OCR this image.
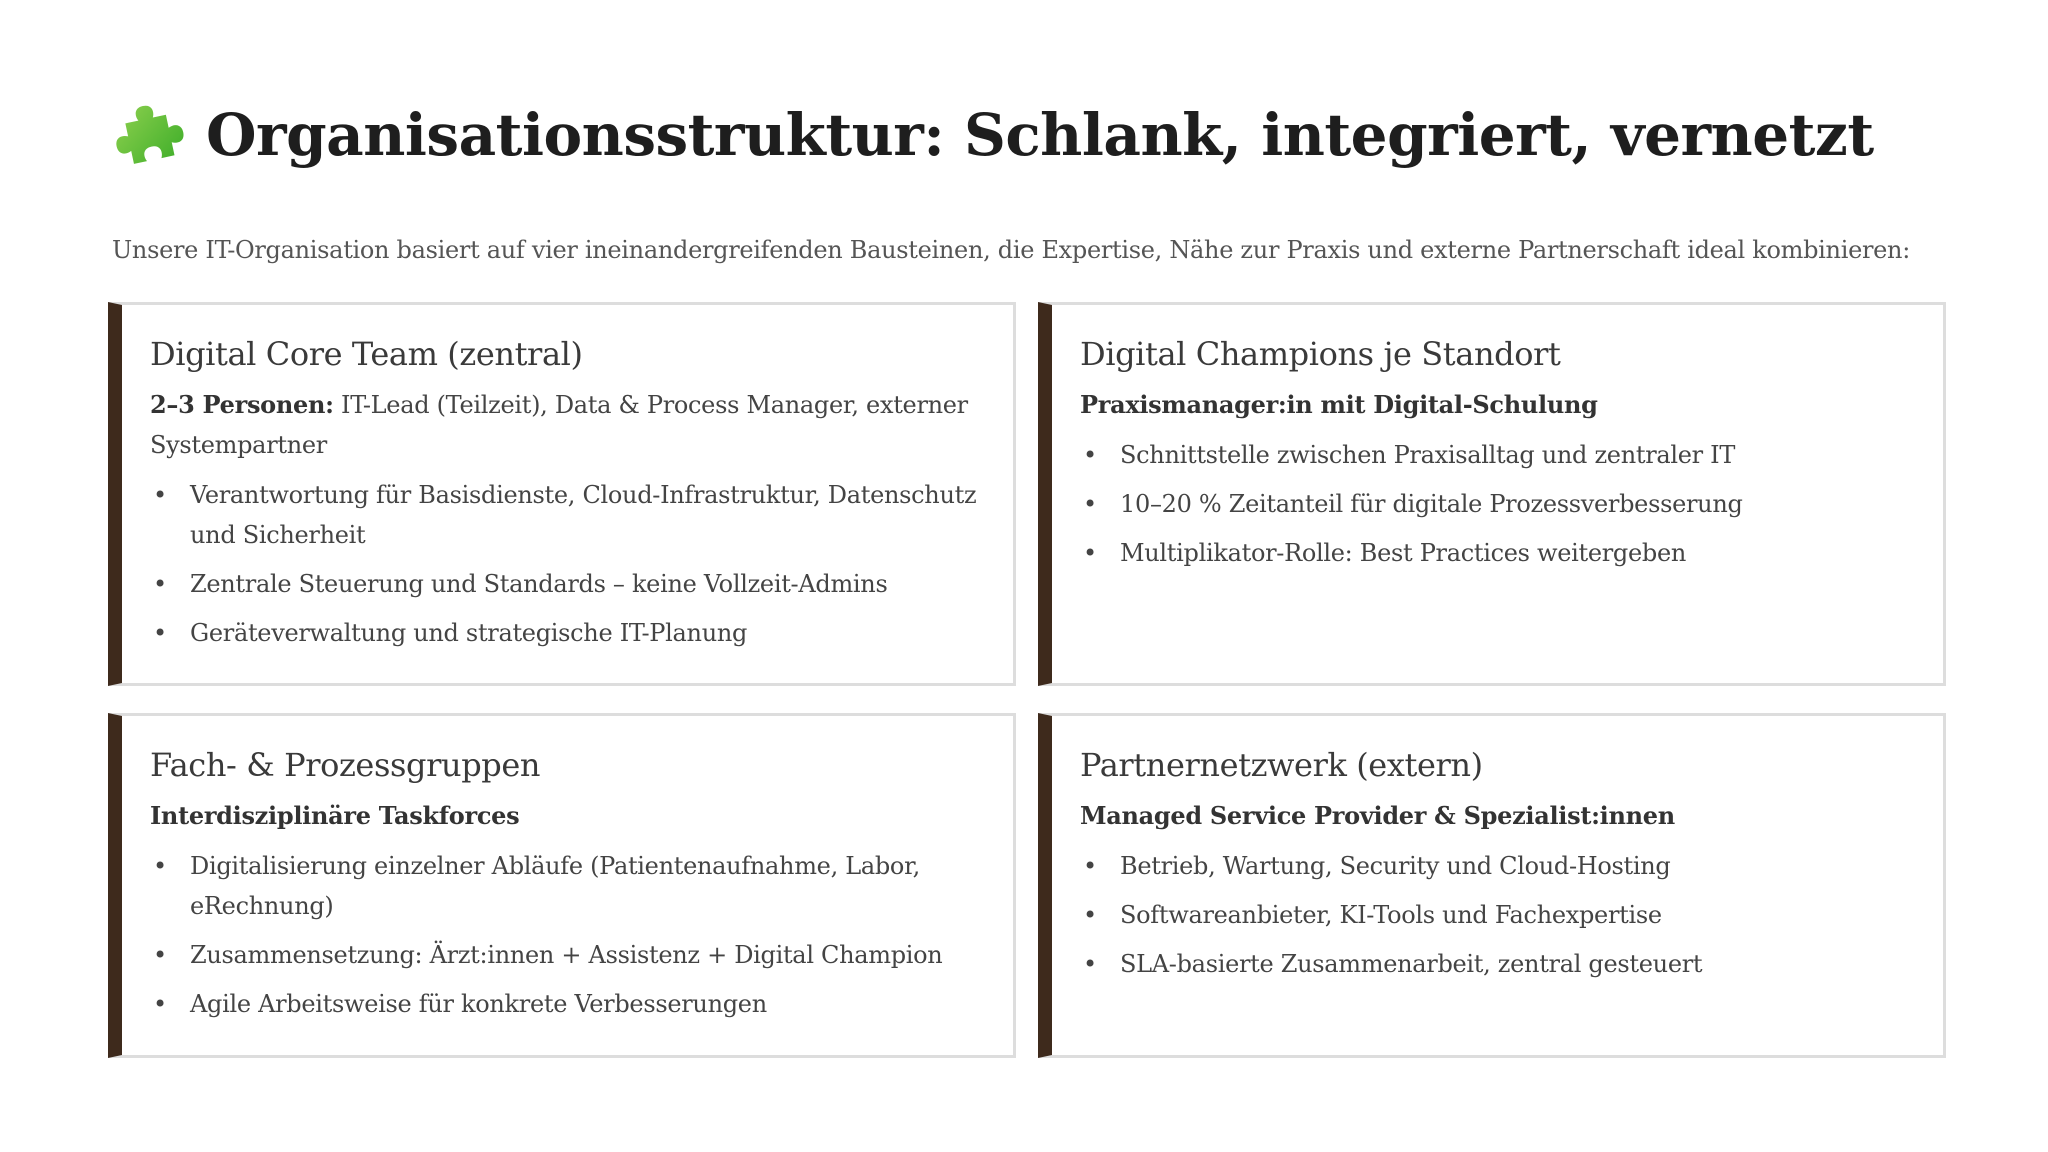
Organisationsstruktur: Schlank, integriert, vernetzt
Unsere IT-Organisation basiert auf vier ineinandergreifenden Bausteinen, die Expertise, Nähe zur Praxis und externe Partnerschaft ideal kombinieren:
Digital Core Team (zentral)
2–3 Personen: IT-Lead (Teilzeit), Data & Process Manager, externer Systempartner
• Verantwortung für Basisdienste, Cloud-Infrastruktur, Datenschutz und Sicherheit
• Zentrale Steuerung und Standards – keine Vollzeit-Admins
• Geräteverwaltung und strategische IT-Planung
Digital Champions je Standort
Praxismanager:in mit Digital-Schulung
• Schnittstelle zwischen Praxisalltag und zentraler IT
• 10–20 % Zeitanteil für digitale Prozessverbesserung
• Multiplikator-Rolle: Best Practices weitergeben
Fach- & Prozessgruppen
Interdisziplinäre Taskforces
• Digitalisierung einzelner Abläufe (Patientenaufnahme, Labor, eRechnung)
• Zusammensetzung: Ärzt:innen + Assistenz + Digital Champion
• Agile Arbeitsweise für konkrete Verbesserungen
Partnernetzwerk (extern)
Managed Service Provider & Spezialist:innen
• Betrieb, Wartung, Security und Cloud-Hosting
• Softwareanbieter, KI-Tools und Fachexpertise
• SLA-basierte Zusammenarbeit, zentral gesteuert
